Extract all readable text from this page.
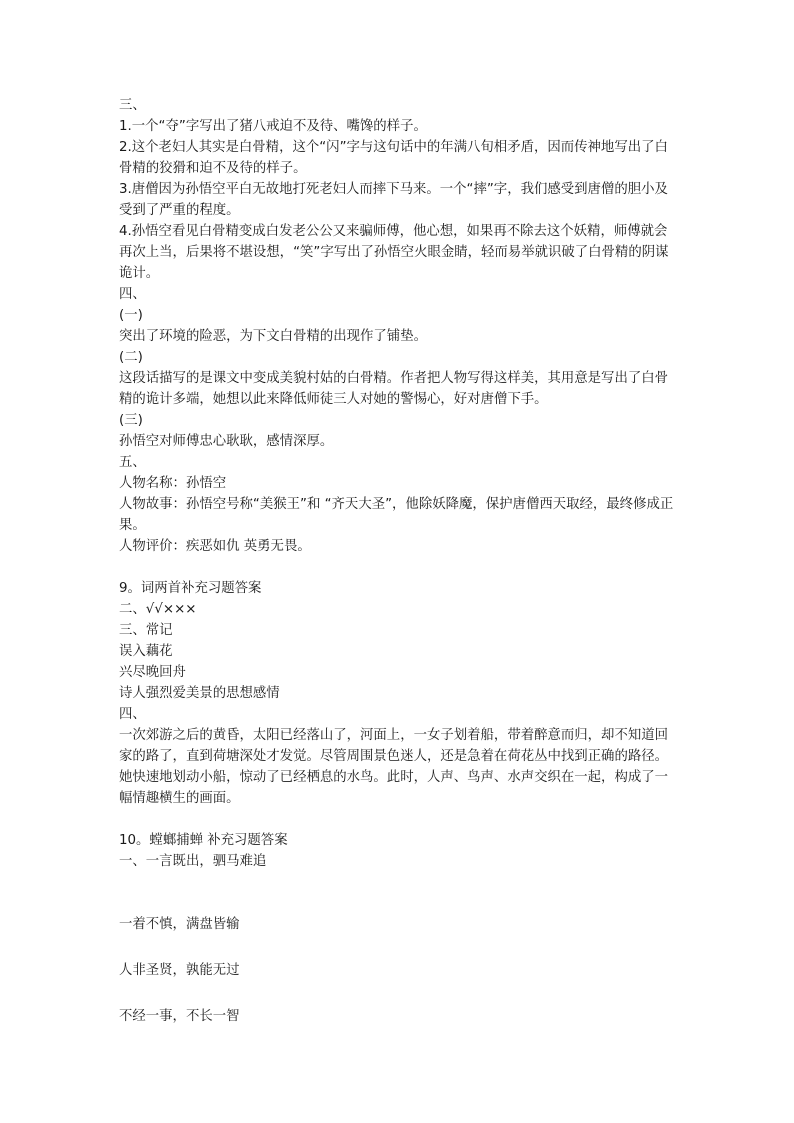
三、

1.一个“夺”字写出了猪八戒迫不及待、嘴馋的样子。

2.这个老妇人其实是白骨精，这个“闪”字与这句话中的年满八旬相矛盾，因而传神地写出了白骨精的狡猾和迫不及待的样子。

3.唐僧因为孙悟空平白无故地打死老妇人而摔下马来。一个“摔”字，我们感受到唐僧的胆小及受到了严重的程度。

4.孙悟空看见白骨精变成白发老公公又来骗师傅，他心想，如果再不除去这个妖精，师傅就会再次上当，后果将不堪设想，“笑”字写出了孙悟空火眼金睛，轻而易举就识破了白骨精的阴谋诡计。

四、

(一)

突出了环境的险恶，为下文白骨精的出现作了铺垫。

(二)

这段话描写的是课文中变成美貌村姑的白骨精。作者把人物写得这样美，其用意是写出了白骨精的诡计多端，她想以此来降低师徒三人对她的警惕心，好对唐僧下手。

(三)

孙悟空对师傅忠心耿耿，感情深厚。

五、

人物名称：孙悟空

人物故事：孙悟空号称“美猴王”和 “齐天大圣”，他除妖降魔，保护唐僧西天取经，最终修成正果。

人物评价：疾恶如仇 英勇无畏。

9。词两首补充习题答案

二、√√×××

三、常记

误入藕花

兴尽晚回舟

诗人强烈爱美景的思想感情

四、

一次郊游之后的黄昏，太阳已经落山了，河面上，一女子划着船，带着醉意而归，却不知道回家的路了，直到荷塘深处才发觉。尽管周围景色迷人，还是急着在荷花丛中找到正确的路径。她快速地划动小船，惊动了已经栖息的水鸟。此时，人声、鸟声、水声交织在一起，构成了一幅情趣横生的画面。

10。螳螂捕蝉 补充习题答案

一、一言既出，驷马难追

一着不慎，满盘皆输

人非圣贤，孰能无过

不经一事，不长一智
